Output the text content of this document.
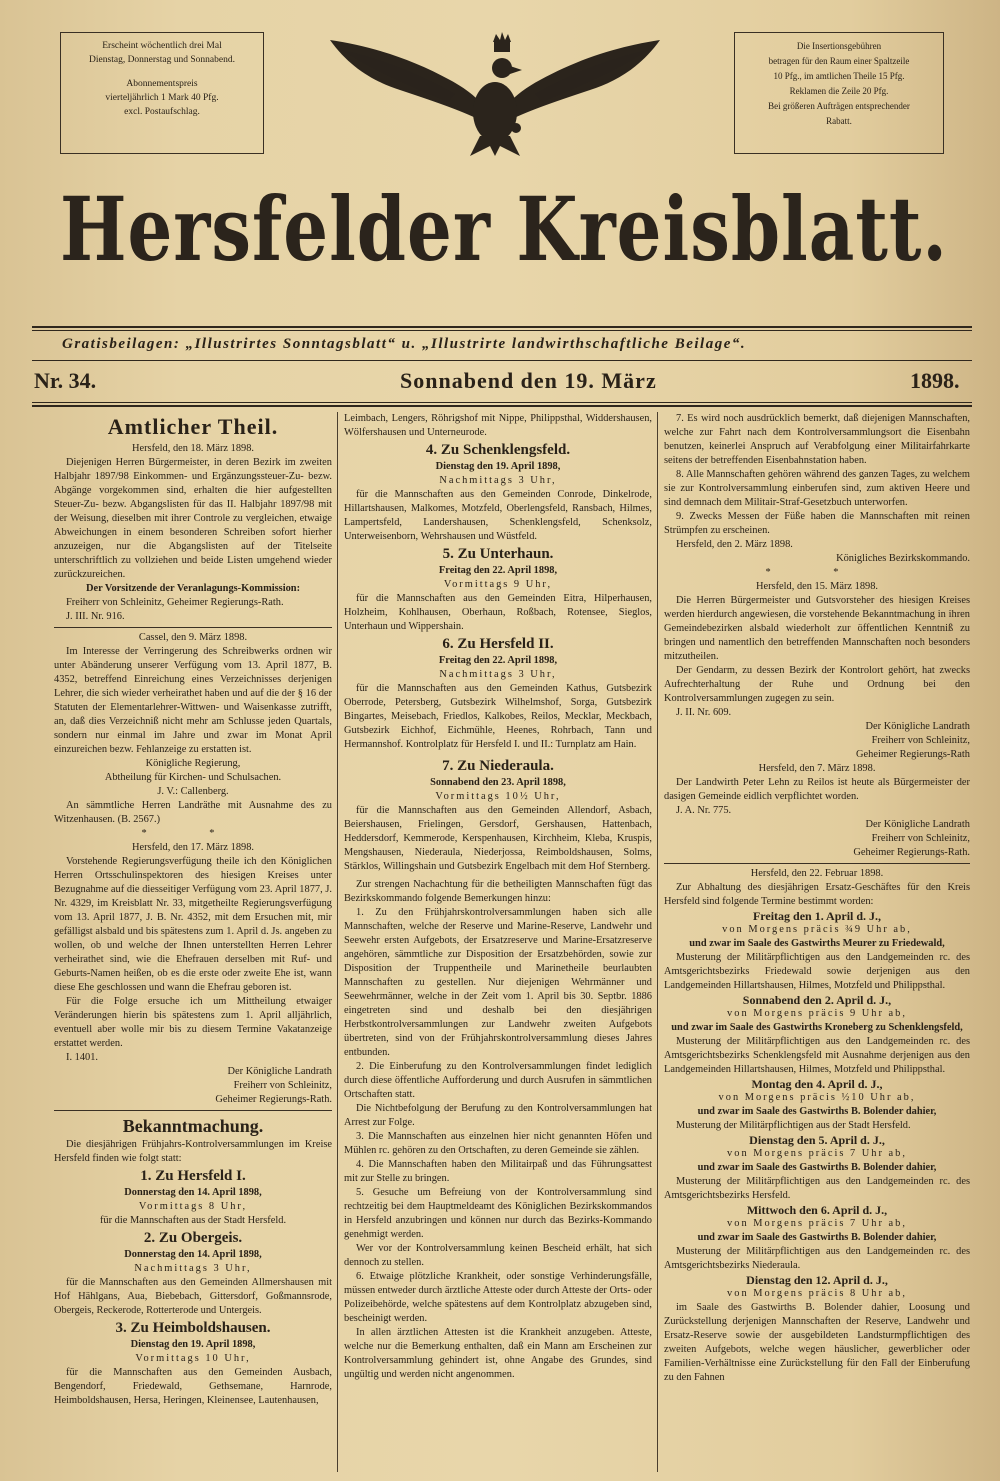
Erscheint wöchentlich drei Mal

Dienstag, Donnerstag und Sonnabend.

Abonnementspreis

vierteljährlich 1 Mark 40 Pfg.

excl. Postaufschlag.

Die Insertionsgebühren

betragen für den Raum einer Spaltzeile

10 Pfg., im amtlichen Theile 15 Pfg.

Reklamen die Zeile 20 Pfg.

Bei größeren Aufträgen entsprechender

Rabatt.

Hersfelder Kreisblatt.
Gratisbeilagen: „Illustrirtes Sonntagsblatt“ u. „Illustrirte landwirthschaftliche Beilage“.
Nr. 34.	Sonnabend den 19. März	1898.

Amtlicher Theil.

Hersfeld, den 18. März 1898.

Diejenigen Herren Bürgermeister, in deren Bezirk im zweiten Halbjahr 1897/98 Einkommen- und Ergänzungssteuer-Zu- bezw. Abgänge vorgekommen sind, erhalten die hier aufgestellten Steuer-Zu- bezw. Abgangslisten für das II. Halbjahr 1897/98 mit der Weisung, dieselben mit ihrer Controle zu vergleichen, etwaige Abweichungen in einem besonderen Schreiben sofort hierher anzuzeigen, nur die Abgangslisten auf der Titelseite unterschriftlich zu vollziehen und beide Listen umgehend wieder zurückzureichen.

Der Vorsitzende der Veranlagungs-Kommission:

Freiherr von Schleinitz, Geheimer Regierungs-Rath.

J. III. Nr. 916.

Cassel, den 9. März 1898.

Im Interesse der Verringerung des Schreibwerks ordnen wir unter Abänderung unserer Verfügung vom 13. April 1877, B. 4352, betreffend Einreichung eines Verzeichnisses derjenigen Lehrer, die sich wieder verheirathet haben und auf die der § 16 der Statuten der Elementarlehrer-Wittwen- und Waisenkasse zutrifft, an, daß dies Verzeichniß nicht mehr am Schlusse jeden Quartals, sondern nur einmal im Jahre und zwar im Monat April einzureichen bezw. Fehlanzeige zu erstatten ist.

Königliche Regierung,

Abtheilung für Kirchen- und Schulsachen.

J. V.: Callenberg.

An sämmtliche Herren Landräthe mit Ausnahme des zu Witzenhausen. (B. 2567.)

* *

Hersfeld, den 17. März 1898.

Vorstehende Regierungsverfügung theile ich den Königlichen Herren Ortsschulinspektoren des hiesigen Kreises unter Bezugnahme auf die diesseitiger Verfügung vom 23. April 1877, J. Nr. 4329, im Kreisblatt Nr. 33, mitgetheilte Regierungsverfügung vom 13. April 1877, J. B. Nr. 4352, mit dem Ersuchen mit, mir gefälligst alsbald und bis spätestens zum 1. April d. Js. angeben zu wollen, ob und welche der Ihnen unterstellten Herren Lehrer verheirathet sind, wie die Ehefrauen derselben mit Ruf- und Geburts-Namen heißen, ob es die erste oder zweite Ehe ist, wann diese Ehe geschlossen und wann die Ehefrau geboren ist.

Für die Folge ersuche ich um Mittheilung etwaiger Veränderungen hierin bis spätestens zum 1. April alljährlich, eventuell aber wolle mir bis zu diesem Termine Vakatanzeige erstattet werden.

I. 1401.

Der Königliche Landrath

Freiherr von Schleinitz,

Geheimer Regierungs-Rath.

Bekanntmachung.

Die diesjährigen Frühjahrs-Kontrolversammlungen im Kreise Hersfeld finden wie folgt statt:

1. Zu Hersfeld I.

Donnerstag den 14. April 1898,

Vormittags 8 Uhr,

für die Mannschaften aus der Stadt Hersfeld.

2. Zu Obergeis.

Donnerstag den 14. April 1898,

Nachmittags 3 Uhr,

für die Mannschaften aus den Gemeinden Allmershausen mit Hof Hählgans, Aua, Biebebach, Gittersdorf, Goßmannsrode, Obergeis, Reckerode, Rotterterode und Untergeis.

3. Zu Heimboldshausen.

Dienstag den 19. April 1898,

Vormittags 10 Uhr,

für die Mannschaften aus den Gemeinden Ausbach, Bengendorf, Friedewald, Gethsemane, Harnrode, Heimboldshausen, Hersa, Heringen, Kleinensee, Lautenhausen,

Leimbach, Lengers, Röhrigshof mit Nippe, Philippsthal, Widdershausen, Wölfershausen und Unterneurode.

4. Zu Schenklengsfeld.

Dienstag den 19. April 1898,

Nachmittags 3 Uhr,

für die Mannschaften aus den Gemeinden Conrode, Dinkelrode, Hillartshausen, Malkomes, Motzfeld, Oberlengsfeld, Ransbach, Hilmes, Lampertsfeld, Landershausen, Schenklengsfeld, Schenksolz, Unterweisenborn, Wehrshausen und Wüstfeld.

5. Zu Unterhaun.

Freitag den 22. April 1898,

Vormittags 9 Uhr,

für die Mannschaften aus den Gemeinden Eitra, Hilperhausen, Holzheim, Kohlhausen, Oberhaun, Roßbach, Rotensee, Sieglos, Unterhaun und Wippershain.

6. Zu Hersfeld II.

Freitag den 22. April 1898,

Nachmittags 3 Uhr,

für die Mannschaften aus den Gemeinden Kathus, Gutsbezirk Oberrode, Petersberg, Gutsbezirk Wilhelmshof, Sorga, Gutsbezirk Bingartes, Meisebach, Friedlos, Kalkobes, Reilos, Mecklar, Meckbach, Gutsbezirk Eichhof, Eichmühle, Heenes, Rohrbach, Tann und Hermannshof. Kontrolplatz für Hersfeld I. und II.: Turnplatz am Hain.

7. Zu Niederaula.

Sonnabend den 23. April 1898,

Vormittags 10½ Uhr,

für die Mannschaften aus den Gemeinden Allendorf, Asbach, Beiershausen, Frielingen, Gersdorf, Gershausen, Hattenbach, Heddersdorf, Kemmerode, Kerspenhausen, Kirchheim, Kleba, Kruspis, Mengshausen, Niederaula, Niederjossa, Reimboldshausen, Solms, Stärklos, Willingshain und Gutsbezirk Engelbach mit dem Hof Sternberg.

Zur strengen Nachachtung für die betheiligten Mannschaften fügt das Bezirkskommando folgende Bemerkungen hinzu:

1. Zu den Frühjahrskontrolversammlungen haben sich alle Mannschaften, welche der Reserve und Marine-Reserve, Landwehr und Seewehr ersten Aufgebots, der Ersatzreserve und Marine-Ersatzreserve angehören, sämmtliche zur Disposition der Ersatzbehörden, sowie zur Disposition der Truppentheile und Marinetheile beurlaubten Mannschaften zu gestellen. Nur diejenigen Wehrmänner und Seewehrmänner, welche in der Zeit vom 1. April bis 30. Septbr. 1886 eingetreten sind und deshalb bei den diesjährigen Herbstkontrolversammlungen zur Landwehr zweiten Aufgebots übertreten, sind von der Frühjahrskontrolversammlung dieses Jahres entbunden.

2. Die Einberufung zu den Kontrolversammlungen findet lediglich durch diese öffentliche Aufforderung und durch Ausrufen in sämmtlichen Ortschaften statt.

Die Nichtbefolgung der Berufung zu den Kontrolversammlungen hat Arrest zur Folge.

3. Die Mannschaften aus einzelnen hier nicht genannten Höfen und Mühlen rc. gehören zu den Ortschaften, zu deren Gemeinde sie zählen.

4. Die Mannschaften haben den Militairpaß und das Führungsattest mit zur Stelle zu bringen.

5. Gesuche um Befreiung von der Kontrolversammlung sind rechtzeitig bei dem Hauptmeldeamt des Königlichen Bezirkskommandos in Hersfeld anzubringen und können nur durch das Bezirks-Kommando genehmigt werden.

Wer vor der Kontrolversammlung keinen Bescheid erhält, hat sich dennoch zu stellen.

6. Etwaige plötzliche Krankheit, oder sonstige Verhinderungsfälle, müssen entweder durch ärztliche Atteste oder durch Atteste der Orts- oder Polizeibehörde, welche spätestens auf dem Kontrolplatz abzugeben sind, bescheinigt werden.

In allen ärztlichen Attesten ist die Krankheit anzugeben. Atteste, welche nur die Bemerkung enthalten, daß ein Mann am Erscheinen zur Kontrolversammlung gehindert ist, ohne Angabe des Grundes, sind ungültig und werden nicht angenommen.

7. Es wird noch ausdrücklich bemerkt, daß diejenigen Mannschaften, welche zur Fahrt nach dem Kontrolversammlungsort die Eisenbahn benutzen, keinerlei Anspruch auf Verabfolgung einer Militairfahrkarte seitens der betreffenden Eisenbahnstation haben.

8. Alle Mannschaften gehören während des ganzen Tages, zu welchem sie zur Kontrolversammlung einberufen sind, zum aktiven Heere und sind demnach dem Militair-Straf-Gesetzbuch unterworfen.

9. Zwecks Messen der Füße haben die Mannschaften mit reinen Strümpfen zu erscheinen.

Hersfeld, den 2. März 1898.

Königliches Bezirkskommando.

* *

Hersfeld, den 15. März 1898.

Die Herren Bürgermeister und Gutsvorsteher des hiesigen Kreises werden hierdurch angewiesen, die vorstehende Bekanntmachung in ihren Gemeindebezirken alsbald wiederholt zur öffentlichen Kenntniß zu bringen und namentlich den betreffenden Mannschaften noch besonders mitzutheilen.

Der Gendarm, zu dessen Bezirk der Kontrolort gehört, hat zwecks Aufrechterhaltung der Ruhe und Ordnung bei den Kontrolversammlungen zugegen zu sein.

J. II. Nr. 609.

Der Königliche Landrath

Freiherr von Schleinitz,

Geheimer Regierungs-Rath

Hersfeld, den 7. März 1898.

Der Landwirth Peter Lehn zu Reilos ist heute als Bürgermeister der dasigen Gemeinde eidlich verpflichtet worden.

J. A. Nr. 775.

Der Königliche Landrath

Freiherr von Schleinitz,

Geheimer Regierungs-Rath.

Hersfeld, den 22. Februar 1898.

Zur Abhaltung des diesjährigen Ersatz-Geschäftes für den Kreis Hersfeld sind folgende Termine bestimmt worden:

Freitag den 1. April d. J.,

von Morgens präcis ¾9 Uhr ab,

und zwar im Saale des Gastwirths Meurer zu Friedewald,

Musterung der Militärpflichtigen aus den Landgemeinden rc. des Amtsgerichtsbezirks Friedewald sowie derjenigen aus den Landgemeinden Hillartshausen, Hilmes, Motzfeld und Philippsthal.

Sonnabend den 2. April d. J.,

von Morgens präcis 9 Uhr ab,

und zwar im Saale des Gastwirths Kroneberg zu Schenklengsfeld,

Musterung der Militärpflichtigen aus den Landgemeinden rc. des Amtsgerichtsbezirks Schenklengsfeld mit Ausnahme derjenigen aus den Landgemeinden Hillartshausen, Hilmes, Motzfeld und Philippsthal.

Montag den 4. April d. J.,

von Morgens präcis ½10 Uhr ab,

und zwar im Saale des Gastwirths B. Bolender dahier,

Musterung der Militärpflichtigen aus der Stadt Hersfeld.

Dienstag den 5. April d. J.,

von Morgens präcis 7 Uhr ab,

und zwar im Saale des Gastwirths B. Bolender dahier,

Musterung der Militärpflichtigen aus den Landgemeinden rc. des Amtsgerichtsbezirks Hersfeld.

Mittwoch den 6. April d. J.,

von Morgens präcis 7 Uhr ab,

und zwar im Saale des Gastwirths B. Bolender dahier,

Musterung der Militärpflichtigen aus den Landgemeinden rc. des Amtsgerichtsbezirks Niederaula.

Dienstag den 12. April d. J.,

von Morgens präcis 8 Uhr ab,

im Saale des Gastwirths B. Bolender dahier, Loosung und Zurückstellung derjenigen Mannschaften der Reserve, Landwehr und Ersatz-Reserve sowie der ausgebildeten Landsturmpflichtigen des zweiten Aufgebots, welche wegen häuslicher, gewerblicher oder Familien-Verhältnisse eine Zurückstellung für den Fall der Einberufung zu den Fahnen
